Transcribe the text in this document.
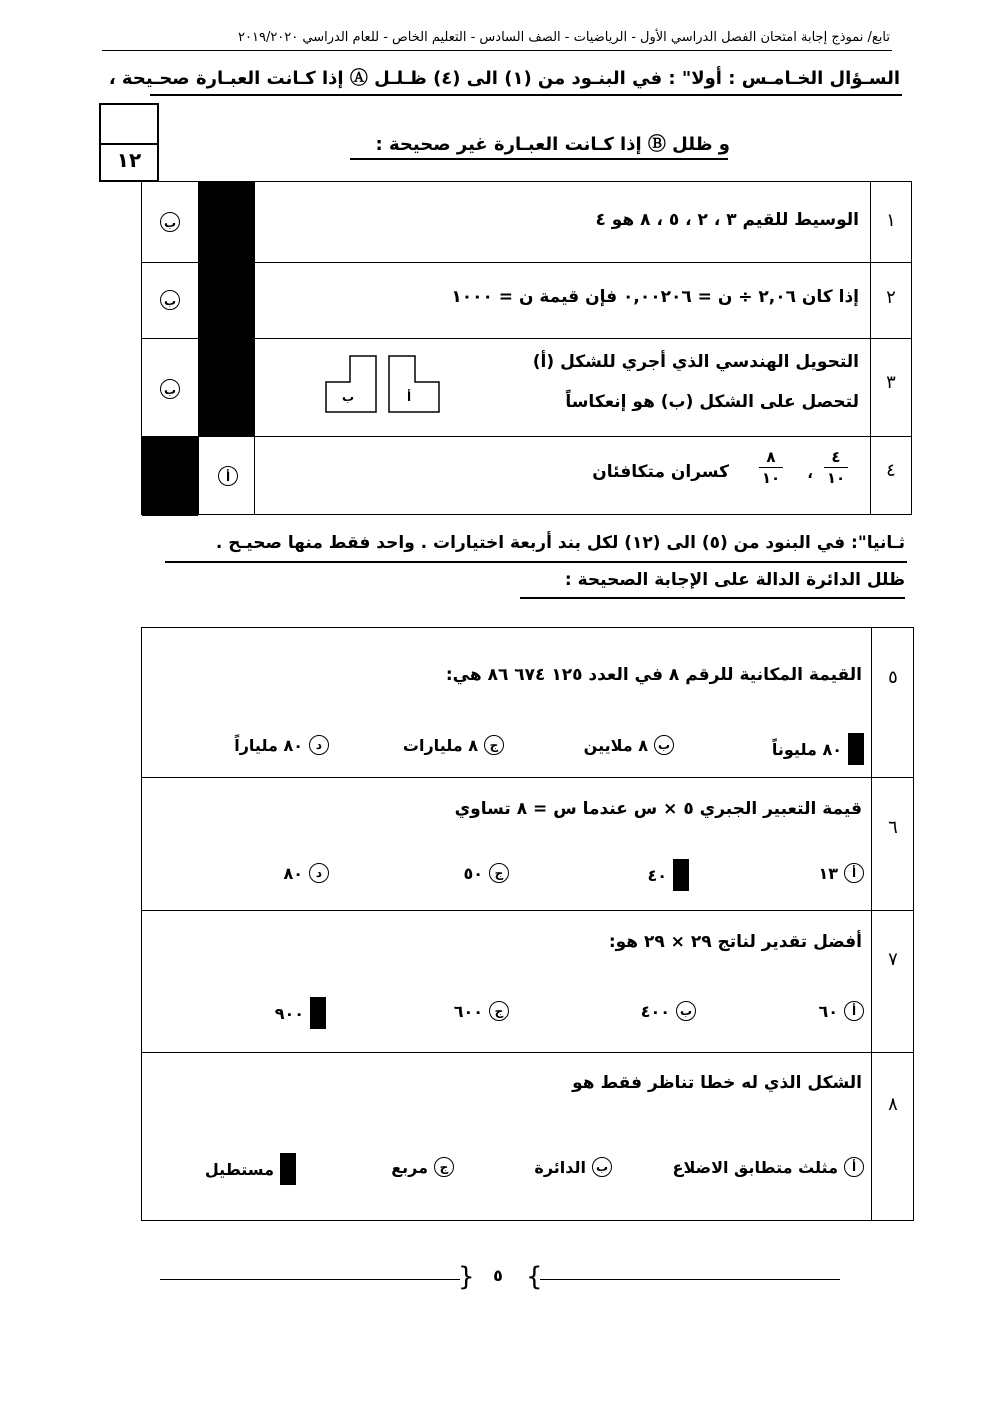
تابع/ نموذج إجابة امتحان الفصل الدراسي الأول - الرياضيات - الصف السادس - التعليم الخاص - للعام الدراسي ٢٠١٩/٢٠٢٠
السـؤال الخـامـس : أولا" : في البنـود من (١) الى (٤) ظـلـل Ⓐ إذا كـانت العبـارة صحـيحة ،
١٢
و ظلل Ⓑ إذا كـانت العبـارة غير صحيحة :
١
الوسيط للقيم ٣ ، ٢ ، ٥ ، ٨ هو ٤
ب
٢
إذا كان ٢,٠٦ ÷ ن = ٠,٠٠٢٠٦ فإن قيمة ن = ١٠٠٠
ب
٣
التحويل الهندسي الذي أجري للشكل (أ)
لتحصل على الشكل (ب) هو إنعكاساً
ب	أ
ب
٤
كسران متكافئان
٤
١٠
،
٨
١٠
أ
ثـانيا": في البنود من (٥) الى (١٢) لكل بند أربعة اختيارات . واحد فقط منها صحيـح .
ظلل الدائرة الدالة على الإجابة الصحيحة :
٥
القيمة المكانية للرقم ٨ في العدد ١٢٥ ٦٧٤ ٨٦ هي:
٨٠ مليوناً
ب
٨ ملايين
ج
٨ مليارات
د
٨٠ ملياراً
٦
قيمة التعبير الجبري ٥ × س عندما س = ٨ تساوي
أ
١٣
٤٠
ج
٥٠
د
٨٠
٧
أفضل تقدير لناتج ٢٩ × ٢٩ هو:
أ
٦٠
ب
٤٠٠
ج
٦٠٠
٩٠٠
٨
الشكل الذي له خطا تناظر فقط هو
أ
مثلث متطابق الاضلاع
ب
الدائرة
ج
مربع
مستطيل
{ }
٥
